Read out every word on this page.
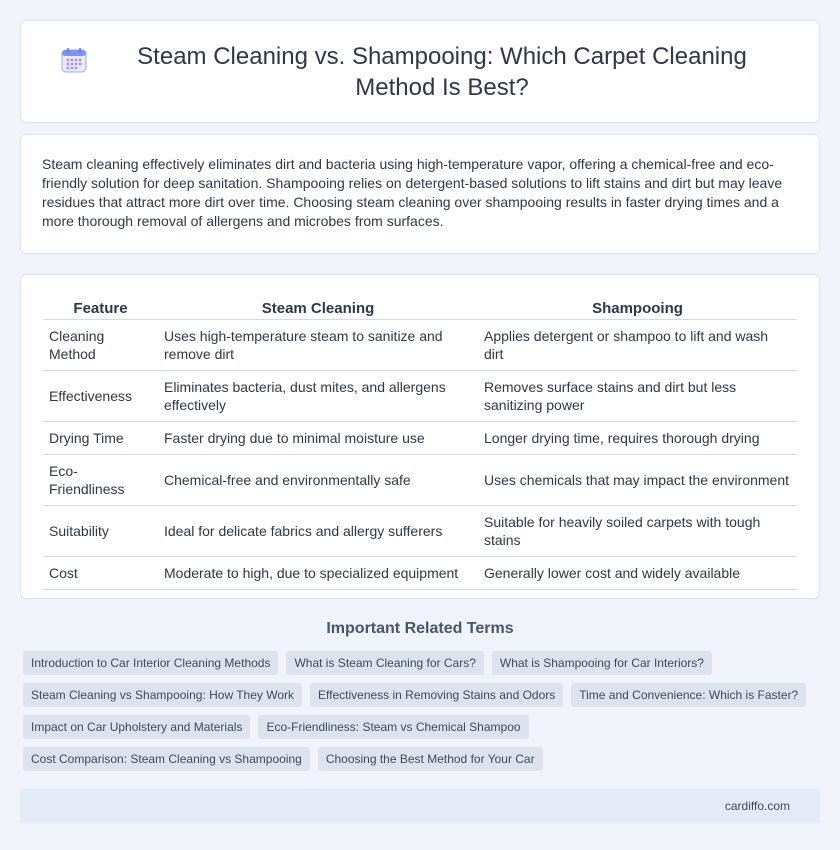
Steam Cleaning vs. Shampooing: Which Carpet Cleaning Method Is Best?

Steam cleaning effectively eliminates dirt and bacteria using high-temperature vapor, offering a chemical-free and eco-friendly solution for deep sanitation. Shampooing relies on detergent-based solutions to lift stains and dirt but may leave residues that attract more dirt over time. Choosing steam cleaning over shampooing results in faster drying times and a more thorough removal of allergens and microbes from surfaces.

Feature	Steam Cleaning	Shampooing
Cleaning Method	Uses high-temperature steam to sanitize and remove dirt	Applies detergent or shampoo to lift and wash dirt
Effectiveness	Eliminates bacteria, dust mites, and allergens effectively	Removes surface stains and dirt but less sanitizing power
Drying Time	Faster drying due to minimal moisture use	Longer drying time, requires thorough drying
Eco-Friendliness	Chemical-free and environmentally safe	Uses chemicals that may impact the environment
Suitability	Ideal for delicate fabrics and allergy sufferers	Suitable for heavily soiled carpets with tough stains
Cost	Moderate to high, due to specialized equipment	Generally lower cost and widely available
Important Related Terms
Introduction to Car Interior Cleaning Methods	What is Steam Cleaning for Cars?	What is Shampooing for Car Interiors?
Steam Cleaning vs Shampooing: How They Work	Effectiveness in Removing Stains and Odors	Time and Convenience: Which is Faster?
Impact on Car Upholstery and Materials	Eco-Friendliness: Steam vs Chemical Shampoo
Cost Comparison: Steam Cleaning vs Shampooing	Choosing the Best Method for Your Car
cardiffo.com
